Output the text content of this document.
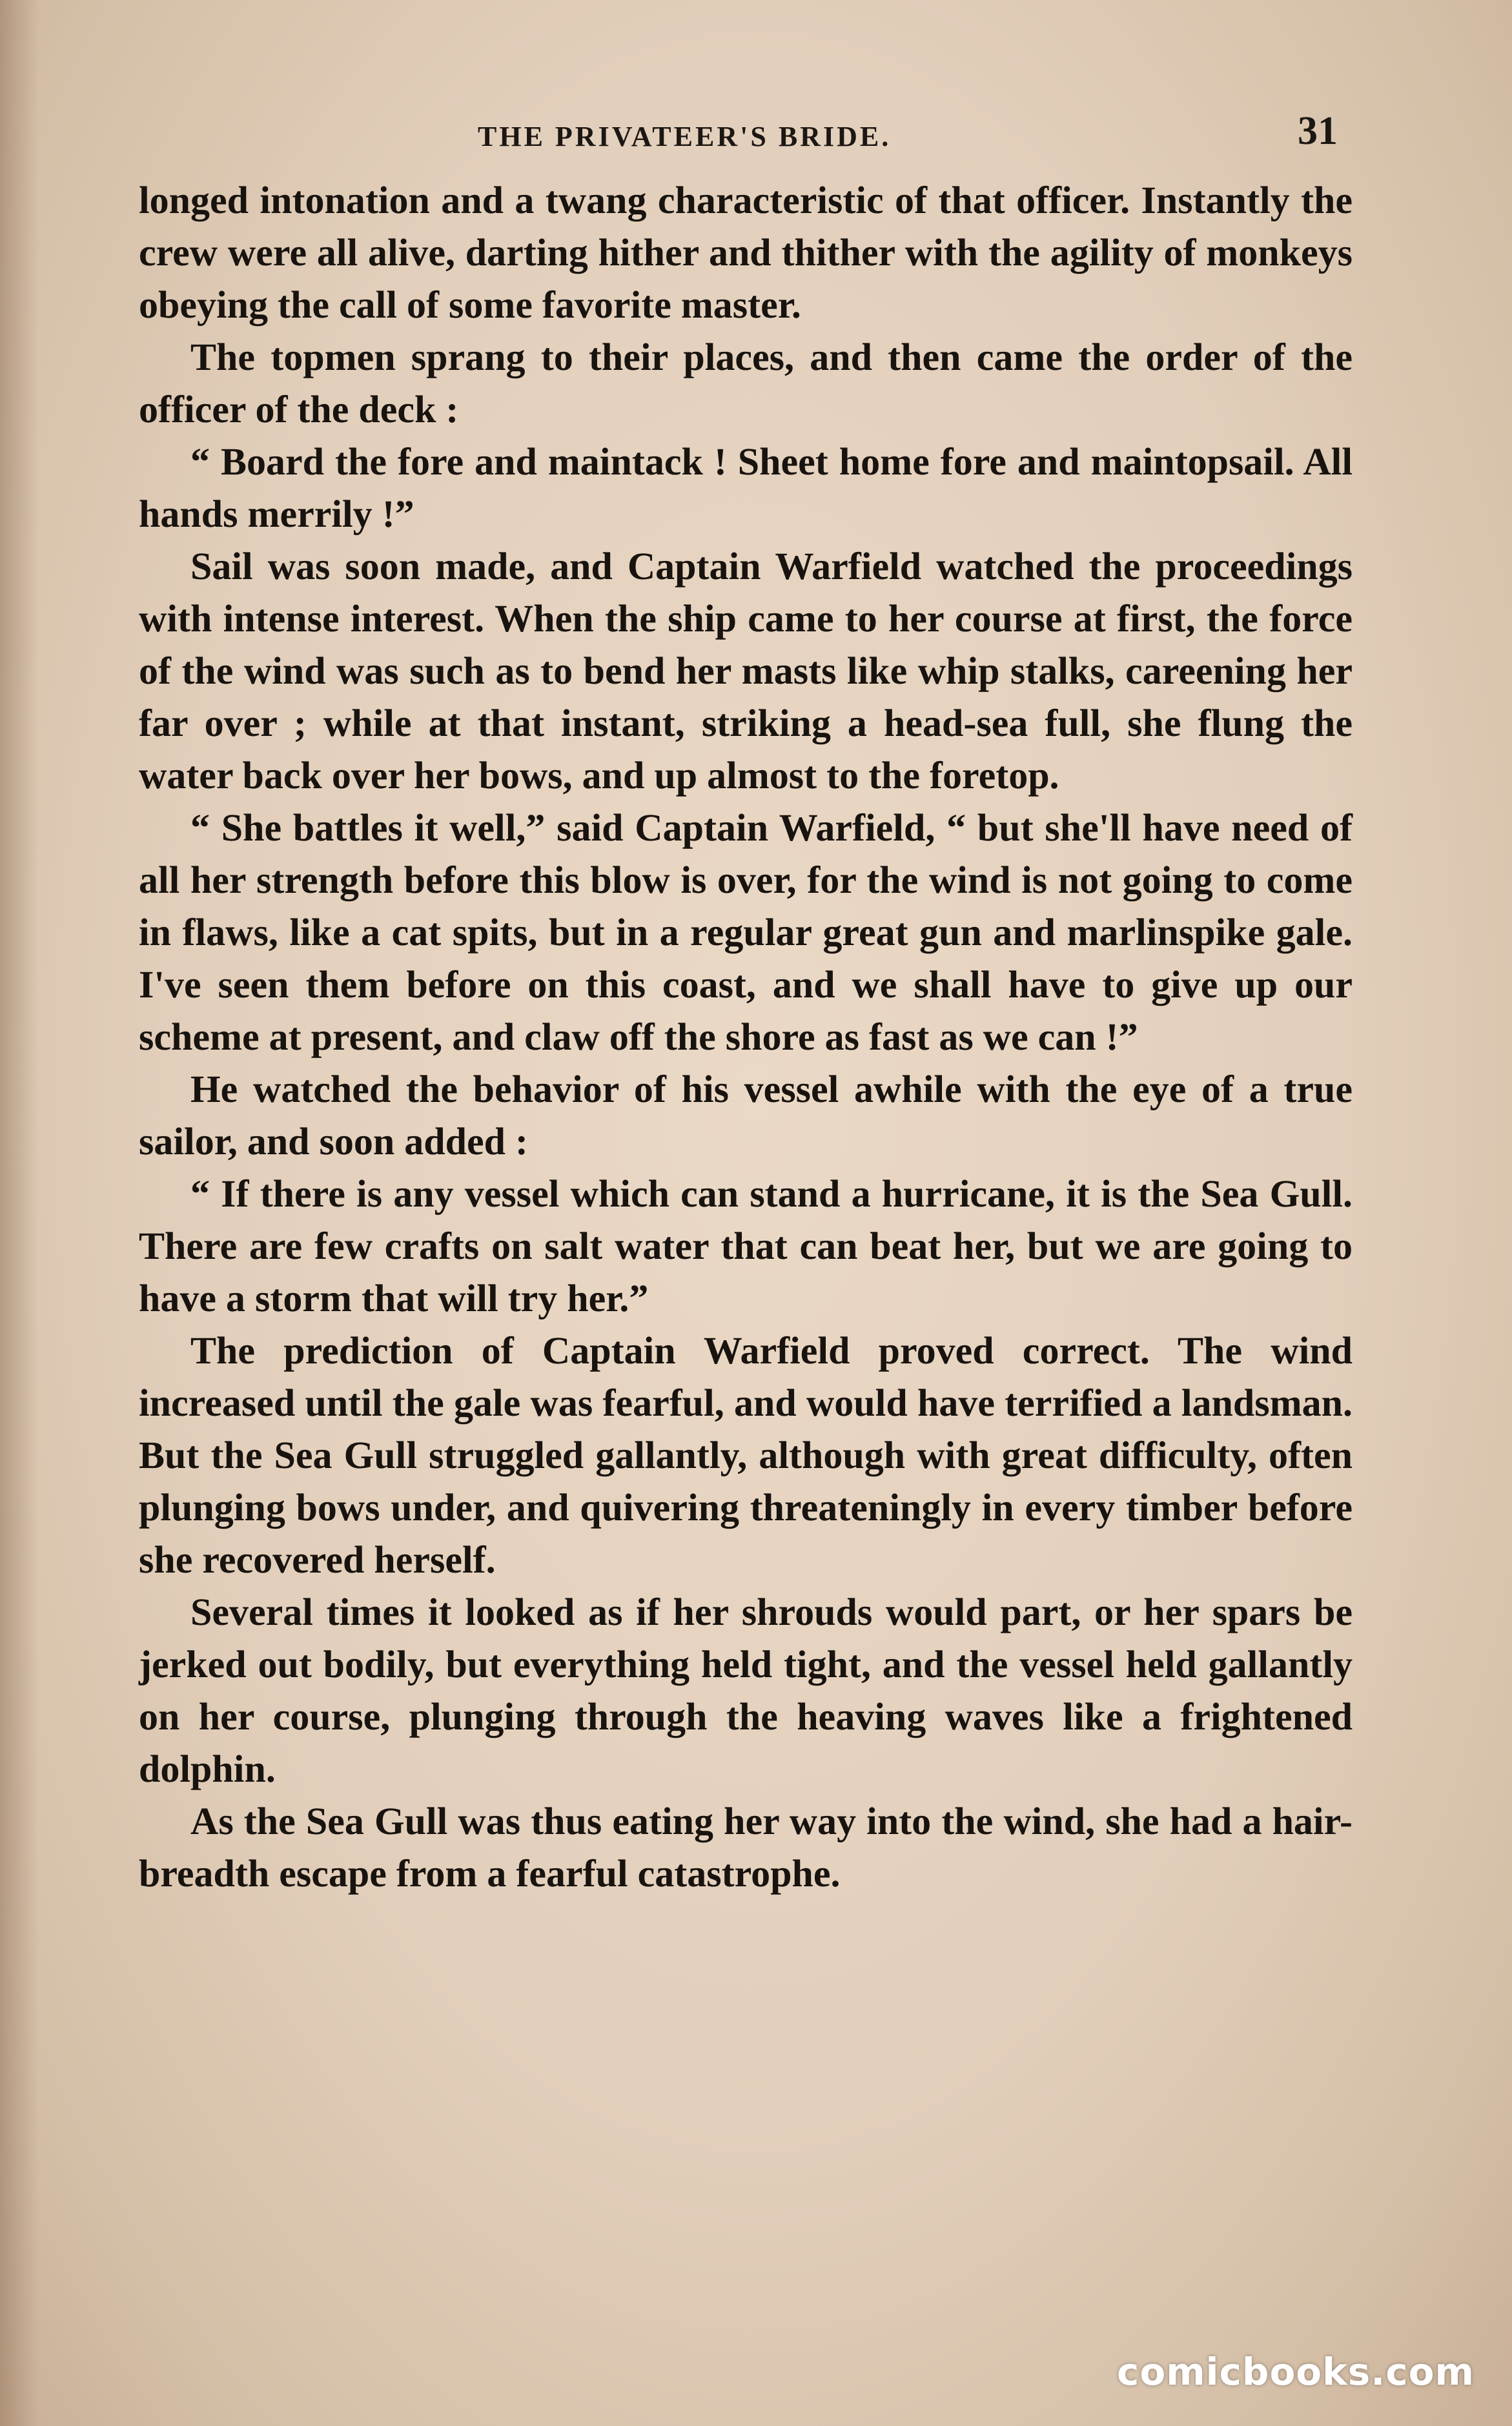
THE PRIVATEER'S BRIDE.	31

longed intonation and a twang characteristic of that officer. Instantly the crew were all alive, darting hither and thither with the agility of monkeys obeying the call of some favorite master.

The topmen sprang to their places, and then came the order of the officer of the deck :

“ Board the fore and maintack ! Sheet home fore and maintopsail. All hands merrily !”

Sail was soon made, and Captain Warfield watched the proceedings with intense interest. When the ship came to her course at first, the force of the wind was such as to bend her masts like whip stalks, careening her far over ; while at that instant, striking a head-sea full, she flung the water back over her bows, and up almost to the foretop.

“ She battles it well,” said Captain Warfield, “ but she'll have need of all her strength before this blow is over, for the wind is not going to come in flaws, like a cat spits, but in a regular great gun and marlinspike gale. I've seen them before on this coast, and we shall have to give up our scheme at present, and claw off the shore as fast as we can !”

He watched the behavior of his vessel awhile with the eye of a true sailor, and soon added :

“ If there is any vessel which can stand a hurricane, it is the Sea Gull. There are few crafts on salt water that can beat her, but we are going to have a storm that will try her.”

The prediction of Captain Warfield proved correct. The wind increased until the gale was fearful, and would have terrified a landsman. But the Sea Gull struggled gallantly, although with great difficulty, often plunging bows under, and quivering threateningly in every timber before she recovered herself.

Several times it looked as if her shrouds would part, or her spars be jerked out bodily, but everything held tight, and the vessel held gallantly on her course, plunging through the heaving waves like a frightened dolphin.

As the Sea Gull was thus eating her way into the wind, she had a hair-breadth escape from a fearful catastrophe.

comicbooks.com
